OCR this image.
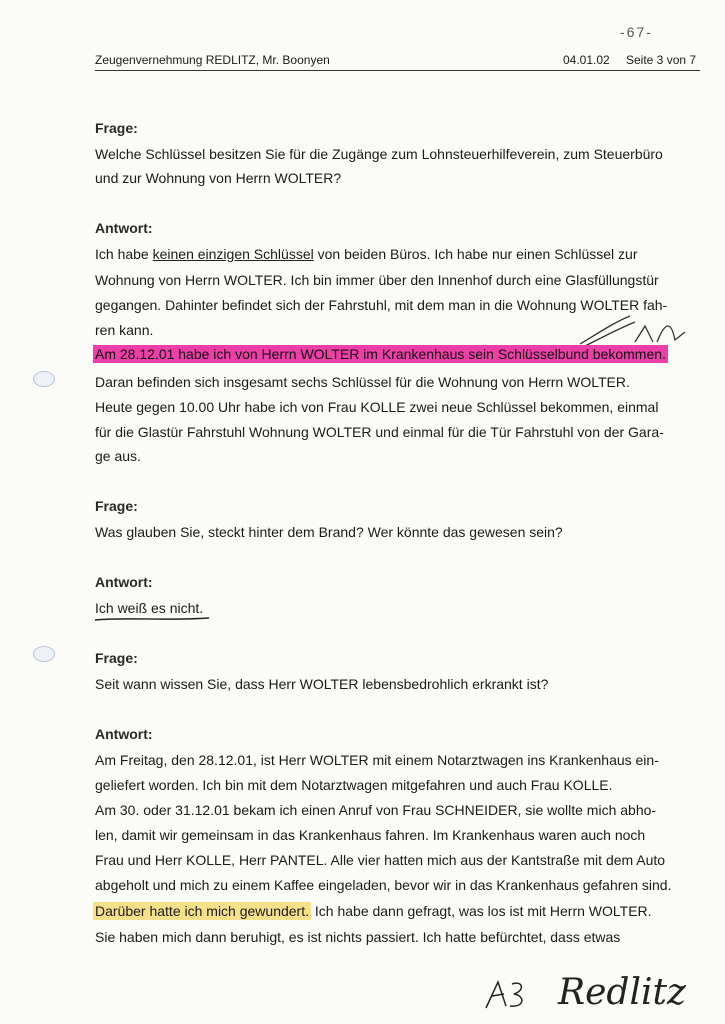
-67-
Zeugenvernehmung REDLITZ, Mr. Boonyen	04.01.02 Seite 3 von 7
Frage:
Welche Schlüssel besitzen Sie für die Zugänge zum Lohnsteuerhilfeverein, zum Steuerbüro
und zur Wohnung von Herrn WOLTER?
Antwort:
Ich habe keinen einzigen Schlüssel von beiden Büros. Ich habe nur einen Schlüssel zur
Wohnung von Herrn WOLTER. Ich bin immer über den Innenhof durch eine Glasfüllungstür
gegangen. Dahinter befindet sich der Fahrstuhl, mit dem man in die Wohnung WOLTER fah-
ren kann.
Am 28.12.01 habe ich von Herrn WOLTER im Krankenhaus sein Schlüsselbund bekommen.
Daran befinden sich insgesamt sechs Schlüssel für die Wohnung von Herrn WOLTER.
Heute gegen 10.00 Uhr habe ich von Frau KOLLE zwei neue Schlüssel bekommen, einmal
für die Glastür Fahrstuhl Wohnung WOLTER und einmal für die Tür Fahrstuhl von der Gara-
ge aus.
Frage:
Was glauben Sie, steckt hinter dem Brand? Wer könnte das gewesen sein?
Antwort:
Ich weiß es nicht.
Frage:
Seit wann wissen Sie, dass Herr WOLTER lebensbedrohlich erkrankt ist?
Antwort:
Am Freitag, den 28.12.01, ist Herr WOLTER mit einem Notarztwagen ins Krankenhaus ein-
geliefert worden. Ich bin mit dem Notarztwagen mitgefahren und auch Frau KOLLE.
Am 30. oder 31.12.01 bekam ich einen Anruf von Frau SCHNEIDER, sie wollte mich abho-
len, damit wir gemeinsam in das Krankenhaus fahren. Im Krankenhaus waren auch noch
Frau und Herr KOLLE, Herr PANTEL. Alle vier hatten mich aus der Kantstraße mit dem Auto
abgeholt und mich zu einem Kaffee eingeladen, bevor wir in das Krankenhaus gefahren sind.
Darüber hatte ich mich gewundert. Ich habe dann gefragt, was los ist mit Herrn WOLTER.
Sie haben mich dann beruhigt, es ist nichts passiert. Ich hatte befürchtet, dass etwas
Redlitz
